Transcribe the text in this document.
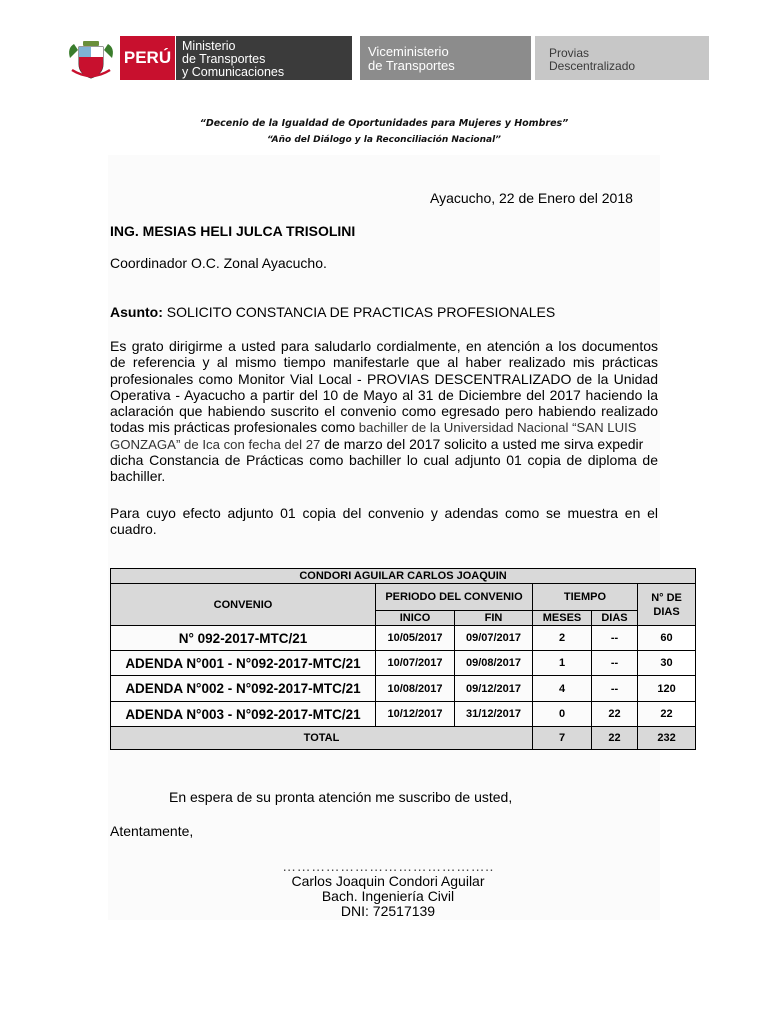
PERÚ
Ministerio
de Transportes
y Comunicaciones
Viceministerio
de Transportes
Provias
Descentralizado
“Decenio de la Igualdad de Oportunidades para Mujeres y Hombres”
“Año del Diálogo y la Reconciliación Nacional”
Ayacucho, 22 de Enero del 2018
ING. MESIAS HELI JULCA TRISOLINI
Coordinador O.C. Zonal Ayacucho.
Asunto: SOLICITO CONSTANCIA DE PRACTICAS PROFESIONALES
Es grato dirigirme a usted para saludarlo cordialmente, en atención a los documentos
de referencia y al mismo tiempo manifestarle que al haber realizado mis prácticas
profesionales como Monitor Vial Local - PROVIAS DESCENTRALIZADO de la Unidad
Operativa - Ayacucho a partir del 10 de Mayo al 31 de Diciembre del 2017 haciendo la
aclaración que habiendo suscrito el convenio como egresado pero habiendo realizado
todas mis prácticas profesionales como bachiller de la Universidad Nacional “SAN LUIS
GONZAGA” de Ica con fecha del 27 de marzo del 2017 solicito a usted me sirva expedir
dicha Constancia de Prácticas como bachiller lo cual adjunto 01 copia de diploma de
bachiller.
Para cuyo efecto adjunto 01 copia del convenio y adendas como se muestra en el
cuadro.
CONDORI AGUILAR CARLOS JOAQUIN					
CONVENIO	PERIODO DEL CONVENIO		TIEMPO		N° DE DIAS
	INICO	FIN	MESES	DIAS	
N° 092-2017-MTC/21	10/05/2017	09/07/2017	2	--	60
ADENDA N°001 - N°092-2017-MTC/21	10/07/2017	09/08/2017	1	--	30
ADENDA N°002 - N°092-2017-MTC/21	10/08/2017	09/12/2017	4	--	120
ADENDA N°003 - N°092-2017-MTC/21	10/12/2017	31/12/2017	0	22	22
TOTAL			7	22	232
En espera de su pronta atención me suscribo de usted,
Atentamente,
……………………………………..
Carlos Joaquin Condori Aguilar
Bach. Ingeniería Civil
DNI: 72517139
